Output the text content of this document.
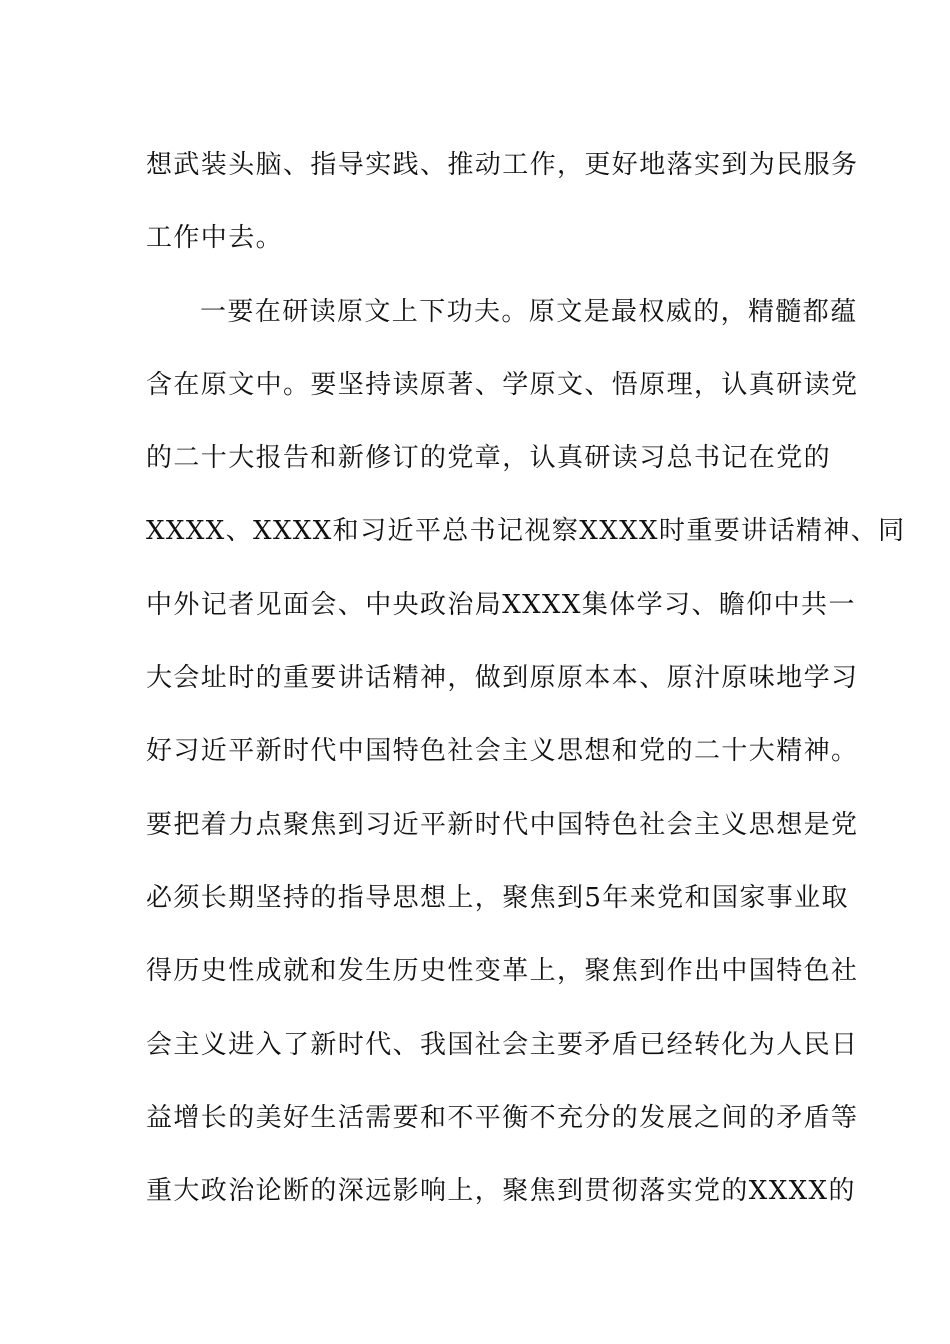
想武装头脑、指导实践、推动工作，更好地落实到为民服务
工作中去。
一要在研读原文上下功夫。原文是最权威的，精髓都蕴
含在原文中。要坚持读原著、学原文、悟原理，认真研读党
的二十大报告和新修订的党章，认真研读习总书记在党的
XXXX、XXXX和习近平总书记视察XXXX时重要讲话精神、同
中外记者见面会、中央政治局XXXX集体学习、瞻仰中共一
大会址时的重要讲话精神，做到原原本本、原汁原味地学习
好习近平新时代中国特色社会主义思想和党的二十大精神。
要把着力点聚焦到习近平新时代中国特色社会主义思想是党
必须长期坚持的指导思想上，聚焦到5年来党和国家事业取
得历史性成就和发生历史性变革上，聚焦到作出中国特色社
会主义进入了新时代、我国社会主要矛盾已经转化为人民日
益增长的美好生活需要和不平衡不充分的发展之间的矛盾等
重大政治论断的深远影响上，聚焦到贯彻落实党的XXXX的
